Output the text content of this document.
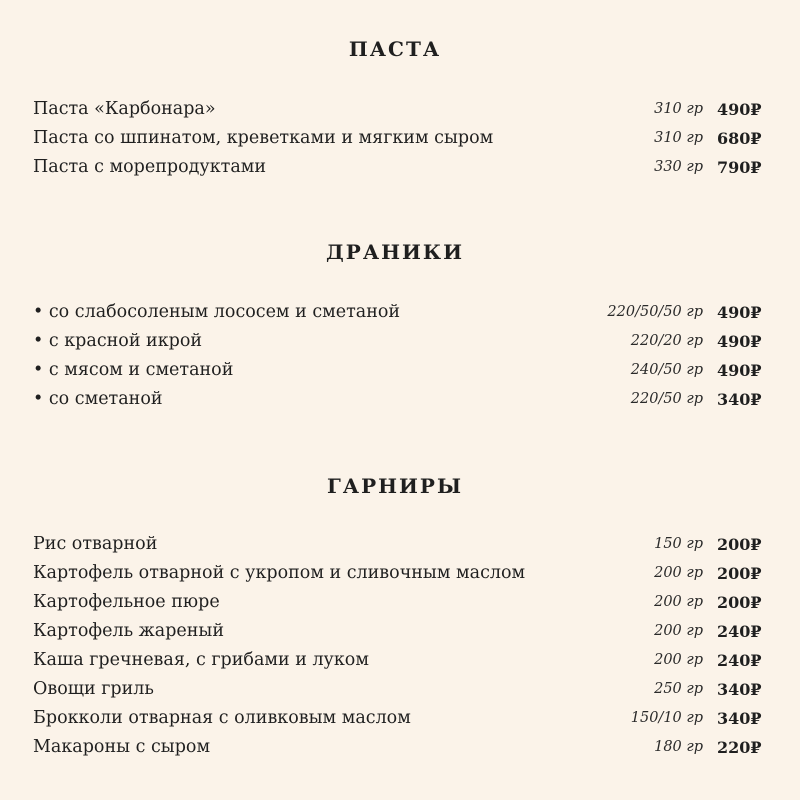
ПАСТА
Паста «Карбонара»	310 гр 490₽
Паста со шпинатом, креветками и мягким сыром	310 гр 680₽
Паста с морепродуктами	330 гр 790₽
ДРАНИКИ
• со слабосоленым лососем и сметаной	220/50/50 гр 490₽
• с красной икрой	220/20 гр 490₽
• с мясом и сметаной	240/50 гр 490₽
• со сметаной	220/50 гр 340₽
ГАРНИРЫ
Рис отварной	150 гр 200₽
Картофель отварной с укропом и сливочным маслом	200 гр 200₽
Картофельное пюре	200 гр 200₽
Картофель жареный	200 гр 240₽
Каша гречневая, с грибами и луком	200 гр 240₽
Овощи гриль	250 гр 340₽
Брокколи отварная с оливковым маслом	150/10 гр 340₽
Макароны с сыром	180 гр 220₽
